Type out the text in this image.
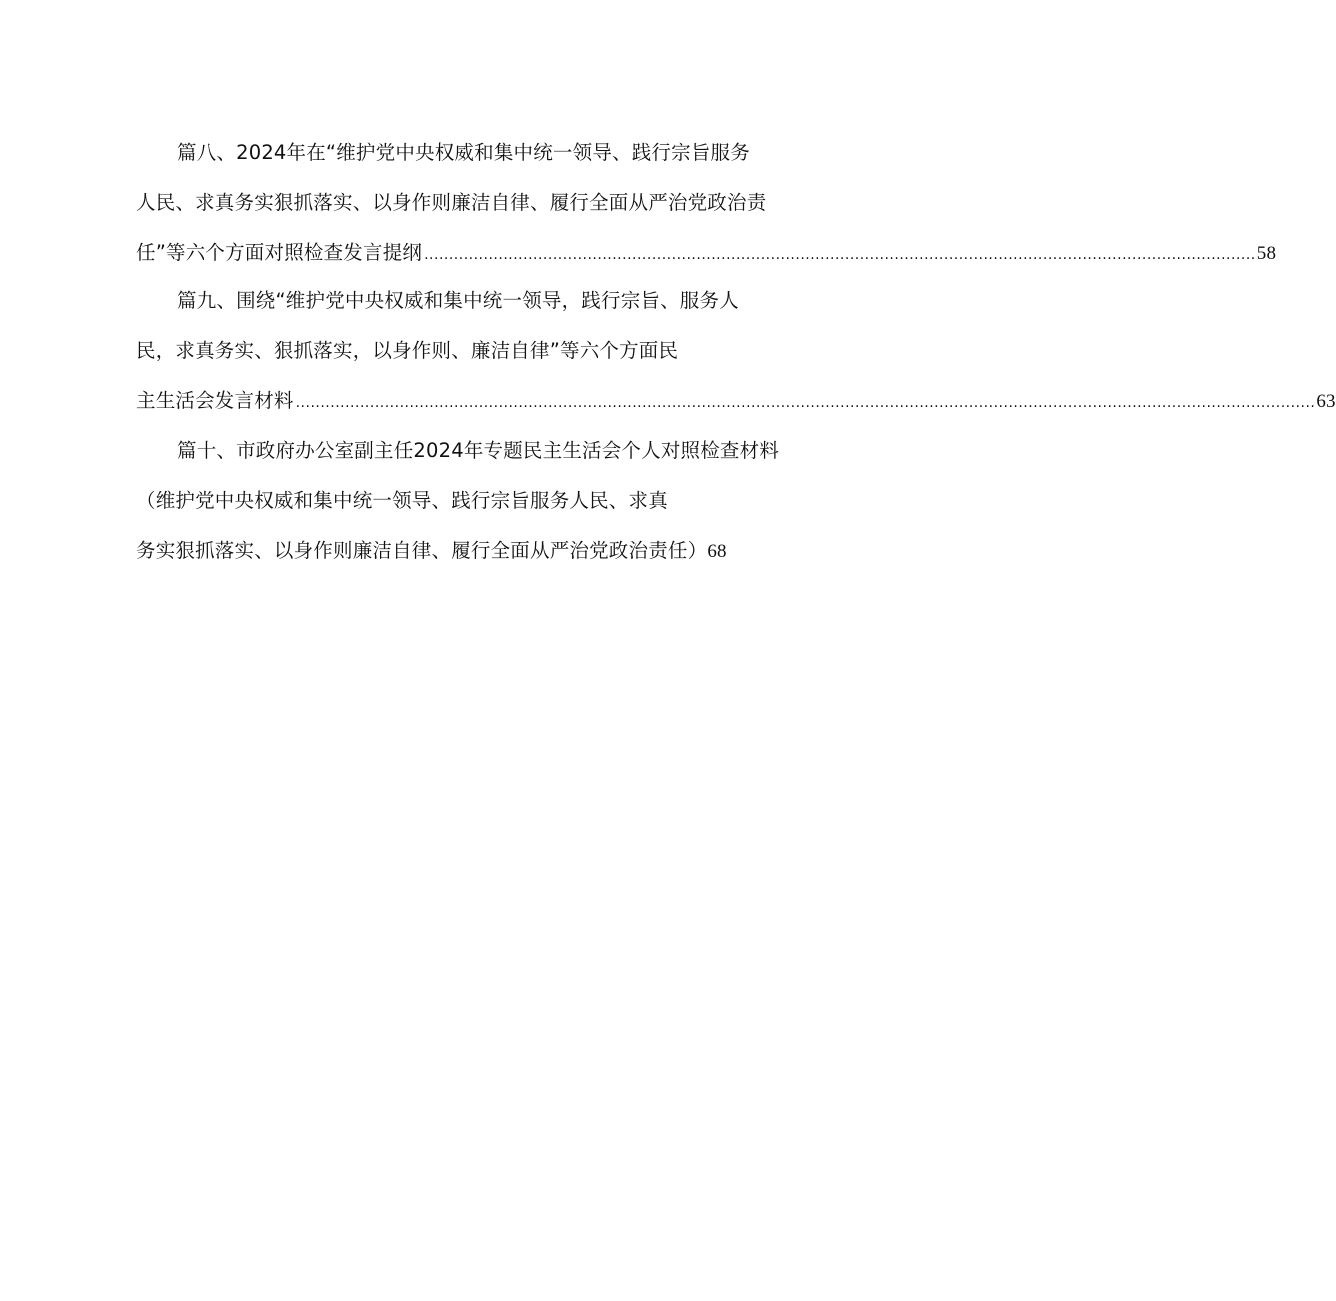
篇八、2024年在“维护党中央权威和集中统一领导、践行宗旨服务
人民、求真务实狠抓落实、以身作则廉洁自律、履行全面从严治党政治责
任”等六个方面对照检查发言提纲 ........................................................................................................................................................................ 58
篇九、围绕“维护党中央权威和集中统一领导，践行宗旨、服务人
民，求真务实、狠抓落实，以身作则、廉洁自律”等六个方面民
主生活会发言材料 .............................................................................................................................................................................................................. 63
篇十、市政府办公室副主任2024年专题民主生活会个人对照检查材料
（维护党中央权威和集中统一领导、践行宗旨服务人民、求真
务实狠抓落实、以身作则廉洁自律、履行全面从严治党政治责任）68
